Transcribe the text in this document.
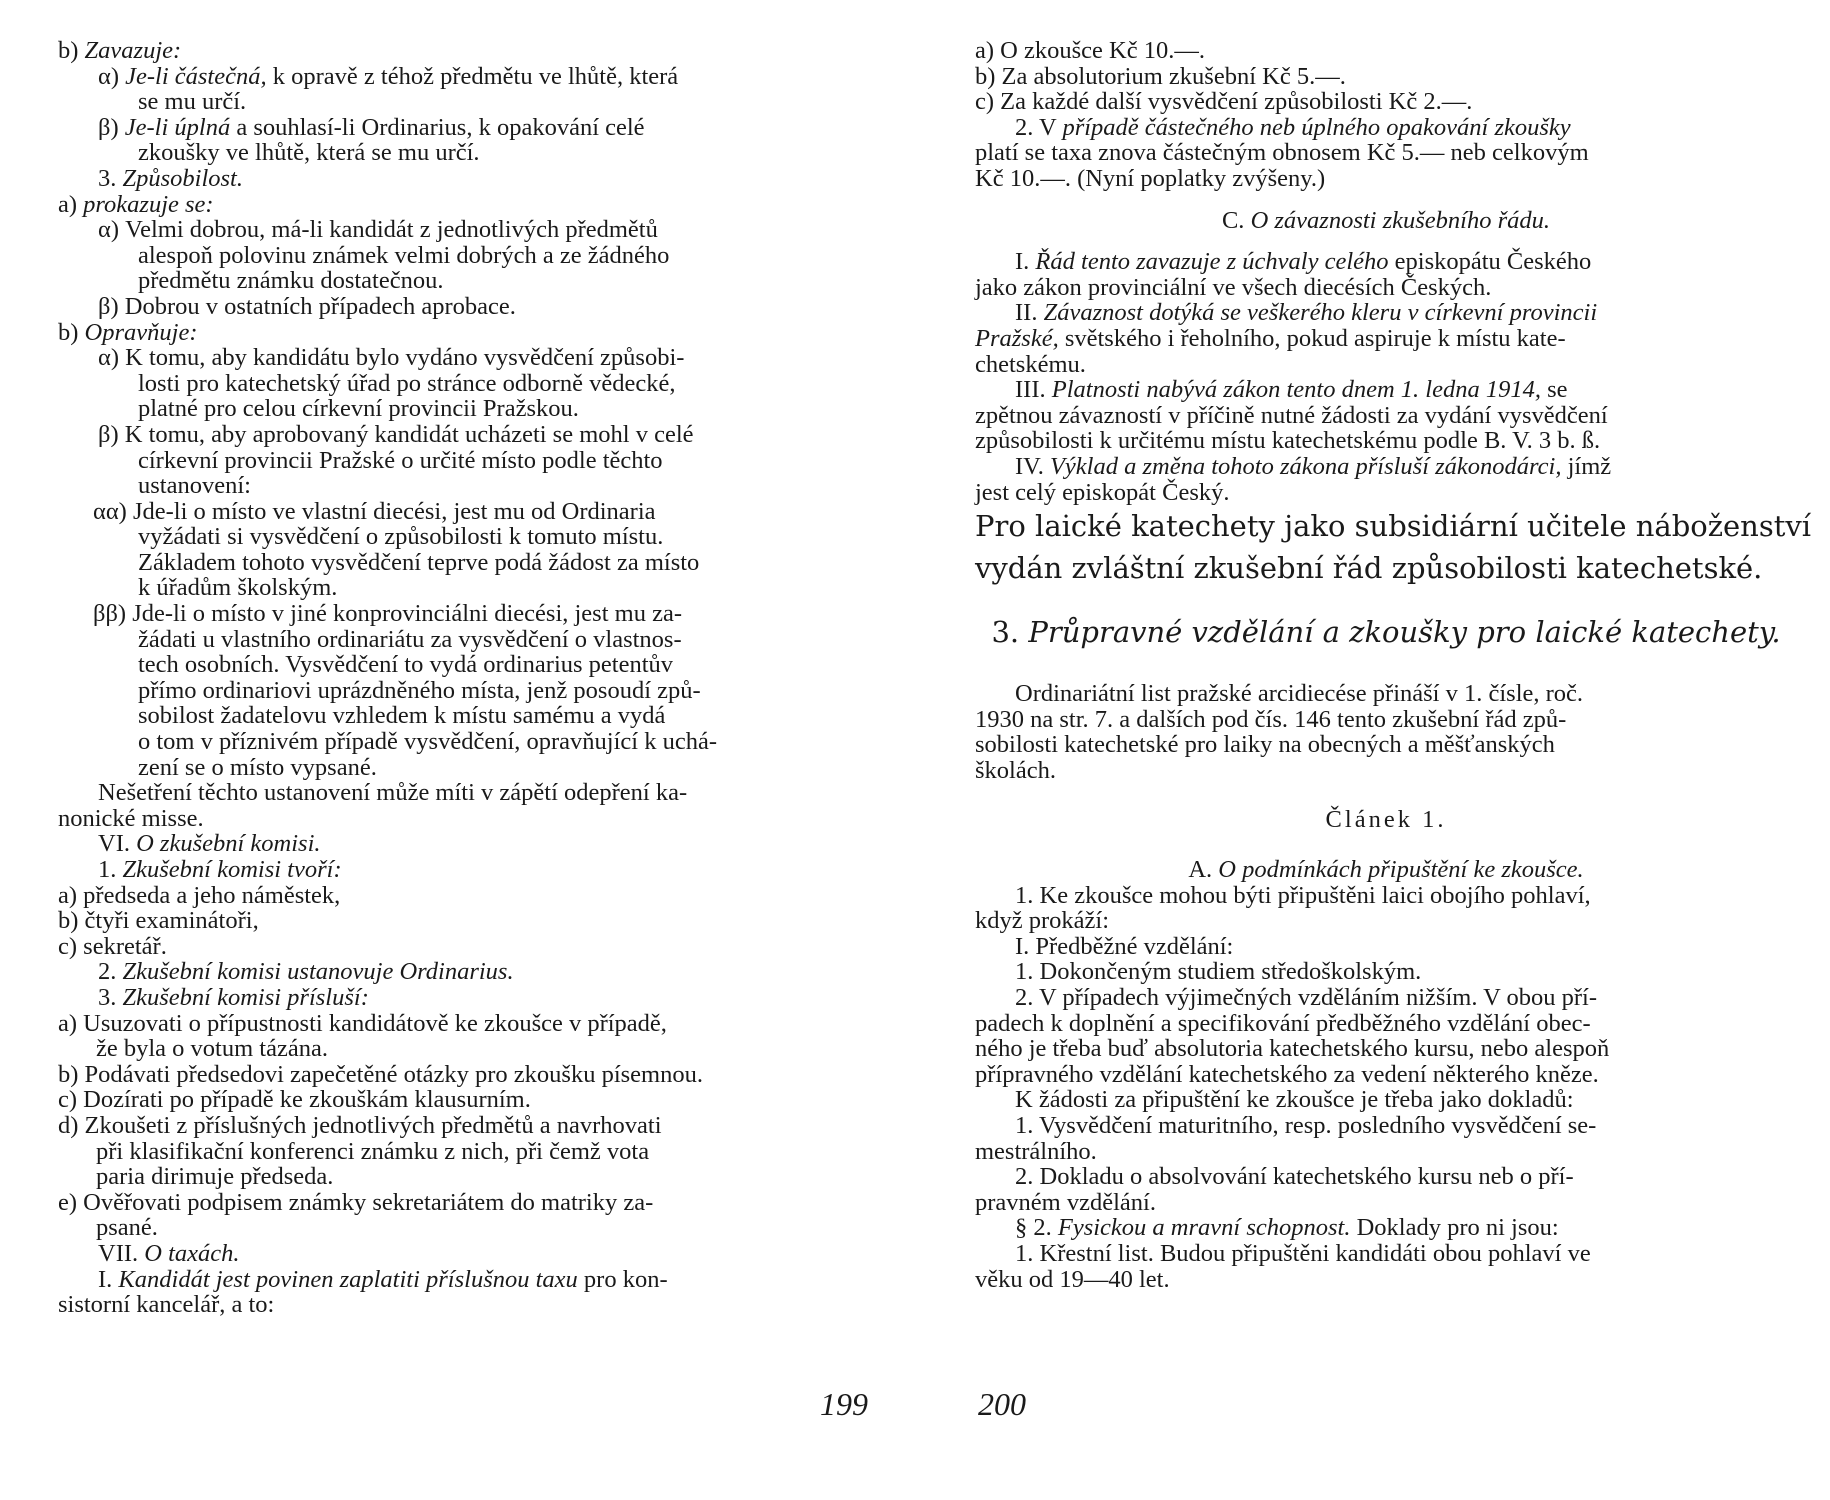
b) Zavazuje:
α) Je-li částečná, k opravě z téhož předmětu ve lhůtě, která
se mu určí.
β) Je-li úplná a souhlasí-li Ordinarius, k opakování celé
zkoušky ve lhůtě, která se mu určí.
3. Způsobilost.
a) prokazuje se:
α) Velmi dobrou, má-li kandidát z jednotlivých předmětů
alespoň polovinu známek velmi dobrých a ze žádného
předmětu známku dostatečnou.
β) Dobrou v ostatních případech aprobace.
b) Opravňuje:
α) K tomu, aby kandidátu bylo vydáno vysvědčení způsobi-
losti pro katechetský úřad po stránce odborně vědecké,
platné pro celou církevní provincii Pražskou.
β) K tomu, aby aprobovaný kandidát ucházeti se mohl v celé
církevní provincii Pražské o určité místo podle těchto
ustanovení:
αα) Jde-li o místo ve vlastní diecési, jest mu od Ordinaria
vyžádati si vysvědčení o způsobilosti k tomuto místu.
Základem tohoto vysvědčení teprve podá žádost za místo
k úřadům školským.
ββ) Jde-li o místo v jiné konprovinciálni diecési, jest mu za-
žádati u vlastního ordinariátu za vysvědčení o vlastnos-
tech osobních. Vysvědčení to vydá ordinarius petentův
přímo ordinariovi uprázdněného místa, jenž posoudí způ-
sobilost žadatelovu vzhledem k místu samému a vydá
o tom v příznivém případě vysvědčení, opravňující k uchá-
zení se o místo vypsané.
Nešetření těchto ustanovení může míti v zápětí odepření ka-
nonické misse.
VI. O zkušební komisi.
1. Zkušební komisi tvoří:
a) předseda a jeho náměstek,
b) čtyři examinátoři,
c) sekretář.
2. Zkušební komisi ustanovuje Ordinarius.
3. Zkušební komisi přísluší:
a) Usuzovati o přípustnosti kandidátově ke zkoušce v případě,
že byla o votum tázána.
b) Podávati předsedovi zapečetěné otázky pro zkoušku písemnou.
c) Dozírati po případě ke zkouškám klausurním.
d) Zkoušeti z příslušných jednotlivých předmětů a navrhovati
při klasifikační konferenci známku z nich, při čemž vota
paria dirimuje předseda.
e) Ověřovati podpisem známky sekretariátem do matriky za-
psané.
VII. O taxách.
I. Kandidát jest povinen zaplatiti příslušnou taxu pro kon-
sistorní kancelář, a to:
a) O zkoušce Kč 10.—.
b) Za absolutorium zkušební Kč 5.—.
c) Za každé další vysvědčení způsobilosti Kč 2.—.
2. V případě částečného neb úplného opakování zkoušky
platí se taxa znova částečným obnosem Kč 5.— neb celkovým
Kč 10.—. (Nyní poplatky zvýšeny.)
C. O závaznosti zkušebního řádu.
I. Řád tento zavazuje z úchvaly celého episkopátu Českého
jako zákon provinciální ve všech diecésích Českých.
II. Závaznost dotýká se veškerého kleru v církevní provincii
Pražské, světského i řeholního, pokud aspiruje k místu kate-
chetskému.
III. Platnosti nabývá zákon tento dnem 1. ledna 1914, se
zpětnou závazností v příčině nutné žádosti za vydání vysvědčení
způsobilosti k určitému místu katechetskému podle B. V. 3 b. ß.
IV. Výklad a změna tohoto zákona přísluší zákonodárci, jímž
jest celý episkopát Český.
Pro laické katechety jako subsidiární učitele náboženství
vydán zvláštní zkušební řád způsobilosti katechetské.
3. Průpravné vzdělání a zkoušky pro laické katechety.
Ordinariátní list pražské arcidiecése přináší v 1. čísle, roč.
1930 na str. 7. a dalších pod čís. 146 tento zkušební řád způ-
sobilosti katechetské pro laiky na obecných a měšťanských
školách.
Článek 1.
A. O podmínkách připuštění ke zkoušce.
1. Ke zkoušce mohou býti připuštěni laici obojího pohlaví,
když prokáží:
I. Předběžné vzdělání:
1. Dokončeným studiem středoškolským.
2. V případech výjimečných vzděláním nižším. V obou pří-
padech k doplnění a specifikování předběžného vzdělání obec-
ného je třeba buď absolutoria katechetského kursu, nebo alespoň
přípravného vzdělání katechetského za vedení některého kněze.
K žádosti za připuštění ke zkoušce je třeba jako dokladů:
1. Vysvědčení maturitního, resp. posledního vysvědčení se-
mestrálního.
2. Dokladu o absolvování katechetského kursu neb o pří-
pravném vzdělání.
§ 2. Fysickou a mravní schopnost. Doklady pro ni jsou:
1. Křestní list. Budou připuštěni kandidáti obou pohlaví ve
věku od 19—40 let.
199	200
